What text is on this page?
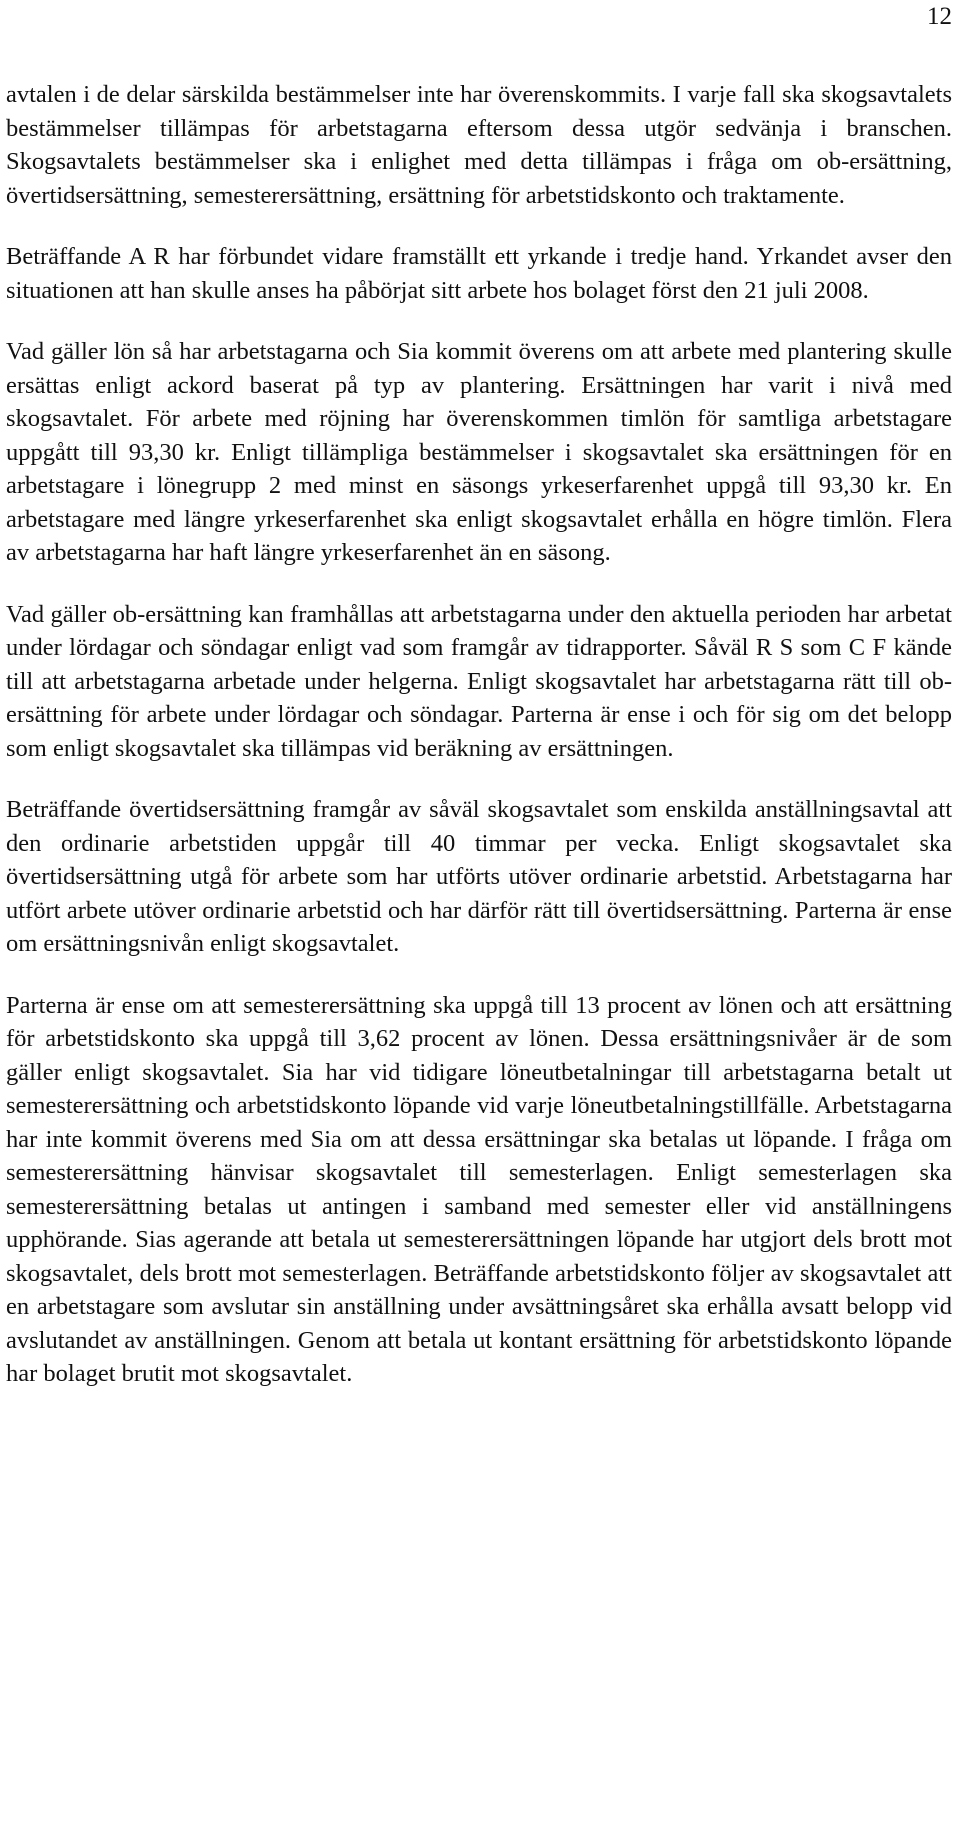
12

avtalen i de delar särskilda bestämmelser inte har överenskommits. I varje fall ska skogsavtalets bestämmelser tillämpas för arbetstagarna eftersom dessa utgör sedvänja i branschen. Skogsavtalets bestämmelser ska i enlighet med detta tillämpas i fråga om ob-ersättning, övertidsersättning, semesterersättning, ersättning för arbetstidskonto och traktamente.

Beträffande A R har förbundet vidare framställt ett yrkande i tredje hand. Yrkandet avser den situationen att han skulle anses ha påbörjat sitt arbete hos bolaget först den 21 juli 2008.

Vad gäller lön så har arbetstagarna och Sia kommit överens om att arbete med plantering skulle ersättas enligt ackord baserat på typ av plantering. Ersättningen har varit i nivå med skogsavtalet. För arbete med röjning har överenskommen timlön för samtliga arbetstagare uppgått till 93,30 kr. Enligt tillämpliga bestämmelser i skogsavtalet ska ersättningen för en arbetstagare i lönegrupp 2 med minst en säsongs yrkeserfarenhet uppgå till 93,30 kr. En arbetstagare med längre yrkeserfarenhet ska enligt skogsavtalet erhålla en högre timlön. Flera av arbetstagarna har haft längre yrkeserfarenhet än en säsong.

Vad gäller ob-ersättning kan framhållas att arbetstagarna under den aktuella perioden har arbetat under lördagar och söndagar enligt vad som framgår av tidrapporter. Såväl R S som C F kände till att arbetstagarna arbetade under helgerna. Enligt skogsavtalet har arbetstagarna rätt till ob-ersättning för arbete under lördagar och söndagar. Parterna är ense i och för sig om det belopp som enligt skogsavtalet ska tillämpas vid beräkning av ersättningen.

Beträffande övertidsersättning framgår av såväl skogsavtalet som enskilda anställningsavtal att den ordinarie arbetstiden uppgår till 40 timmar per vecka. Enligt skogsavtalet ska övertidsersättning utgå för arbete som har utförts utöver ordinarie arbetstid. Arbetstagarna har utfört arbete utöver ordinarie arbetstid och har därför rätt till övertidsersättning. Parterna är ense om ersättningsnivån enligt skogsavtalet.

Parterna är ense om att semesterersättning ska uppgå till 13 procent av lönen och att ersättning för arbetstidskonto ska uppgå till 3,62 procent av lönen. Dessa ersättningsnivåer är de som gäller enligt skogsavtalet. Sia har vid tidigare löneutbetalningar till arbetstagarna betalt ut semesterersättning och arbetstidskonto löpande vid varje löneutbetalningstillfälle. Arbetstagarna har inte kommit överens med Sia om att dessa ersättningar ska betalas ut löpande. I fråga om semesterersättning hänvisar skogsavtalet till semesterlagen. Enligt semesterlagen ska semesterersättning betalas ut antingen i samband med semester eller vid anställningens upphörande. Sias agerande att betala ut semesterersättningen löpande har utgjort dels brott mot skogsavtalet, dels brott mot semesterlagen. Beträffande arbetstidskonto följer av skogsavtalet att en arbetstagare som avslutar sin anställning under avsättningsåret ska erhålla avsatt belopp vid avslutandet av anställningen. Genom att betala ut kontant ersättning för arbetstidskonto löpande har bolaget brutit mot skogsavtalet.
